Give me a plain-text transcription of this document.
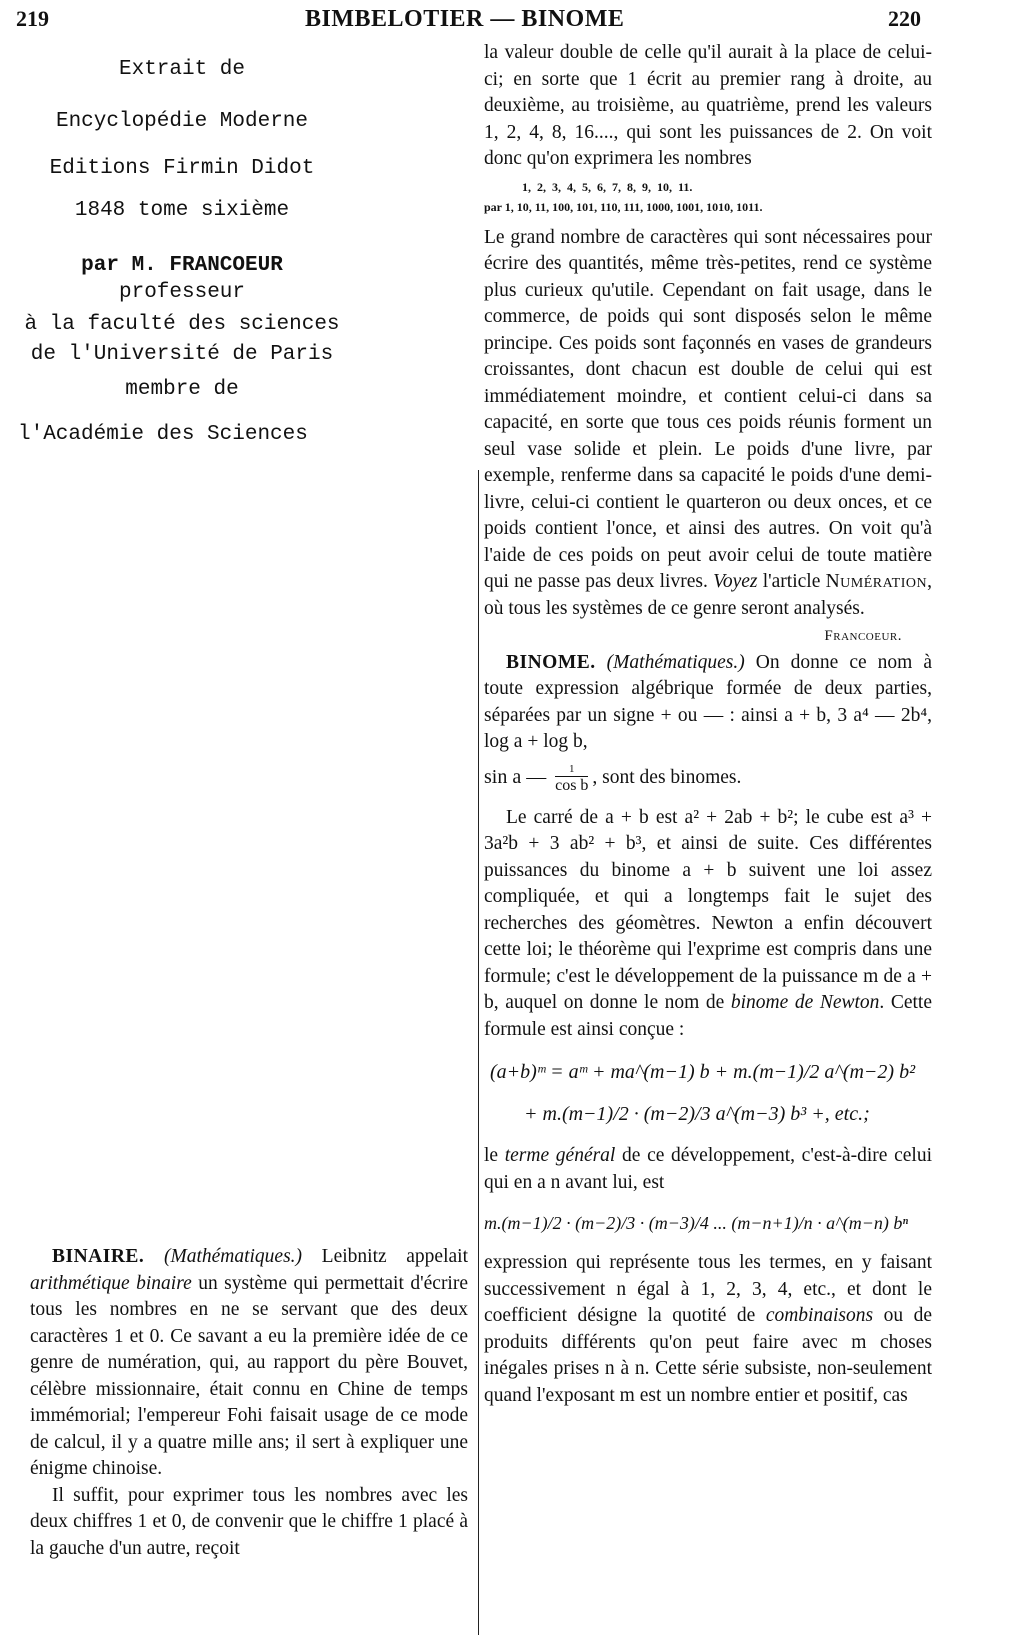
219	BIMBELOTIER — BINOME	220
Extrait de
Encyclopédie Moderne
Editions Firmin Didot
1848 tome sixième
par M. FRANCOEUR
professeur
à la faculté des sciences
de l'Université de Paris
membre de
l'Académie des Sciences

BINAIRE. (Mathématiques.) Leibnitz appelait arithmétique binaire un système qui permettait d'écrire tous les nombres en ne se servant que des deux caractères 1 et 0. Ce savant a eu la première idée de ce genre de numération, qui, au rapport du père Bouvet, célèbre missionnaire, était connu en Chine de temps immémorial; l'empereur Fohi faisait usage de ce mode de calcul, il y a quatre mille ans; il sert à expliquer une énigme chinoise.

Il suffit, pour exprimer tous les nombres avec les deux chiffres 1 et 0, de convenir que le chiffre 1 placé à la gauche d'un autre, reçoit

la valeur double de celle qu'il aurait à la place de celui-ci; en sorte que 1 écrit au premier rang à droite, au deuxième, au troisième, au quatrième, prend les valeurs 1, 2, 4, 8, 16...., qui sont les puissances de 2. On voit donc qu'on exprimera les nombres

1,  2,  3,  4,  5,  6,  7,  8,  9,  10,  11.
par 1, 10, 11, 100, 101, 110, 111, 1000, 1001, 1010, 1011.

Le grand nombre de caractères qui sont nécessaires pour écrire des quantités, même très-petites, rend ce système plus curieux qu'utile. Cependant on fait usage, dans le commerce, de poids qui sont disposés selon le même principe. Ces poids sont façonnés en vases de grandeurs croissantes, dont chacun est double de celui qui est immédiatement moindre, et contient celui-ci dans sa capacité, en sorte que tous ces poids réunis forment un seul vase solide et plein. Le poids d'une livre, par exemple, renferme dans sa capacité le poids d'une demi-livre, celui-ci contient le quarteron ou deux onces, et ce poids contient l'once, et ainsi des autres. On voit qu'à l'aide de ces poids on peut avoir celui de toute matière qui ne passe pas deux livres. Voyez l'article Numération, où tous les systèmes de ce genre seront analysés.

Francoeur.

BINOME. (Mathématiques.) On donne ce nom à toute expression algébrique formée de deux parties, séparées par un signe + ou — : ainsi a + b, 3 a⁴ — 2b⁴, log a + log b,

sin a —	1
cos b , sont des binomes.

Le carré de a + b est a² + 2ab + b²; le cube est a³ + 3a²b + 3 ab² + b³, et ainsi de suite. Ces différentes puissances du binome a + b suivent une loi assez compliquée, et qui a longtemps fait le sujet des recherches des géomètres. Newton a enfin découvert cette loi; le théorème qui l'exprime est compris dans une formule; c'est le développement de la puissance m de a + b, auquel on donne le nom de binome de Newton. Cette formule est ainsi conçue :

(a+b)ᵐ = aᵐ + ma^(m−1) b + m.(m−1)/2 a^(m−2) b²
+ m.(m−1)/2 · (m−2)/3 a^(m−3) b³ +, etc.;

le terme général de ce développement, c'est-à-dire celui qui en a n avant lui, est

m.(m−1)/2 · (m−2)/3 · (m−3)/4 ... (m−n+1)/n · a^(m−n) bⁿ

expression qui représente tous les termes, en y faisant successivement n égal à 1, 2, 3, 4, etc., et dont le coefficient désigne la quotité de combinaisons ou de produits différents qu'on peut faire avec m choses inégales prises n à n. Cette série subsiste, non-seulement quand l'exposant m est un nombre entier et positif, cas
